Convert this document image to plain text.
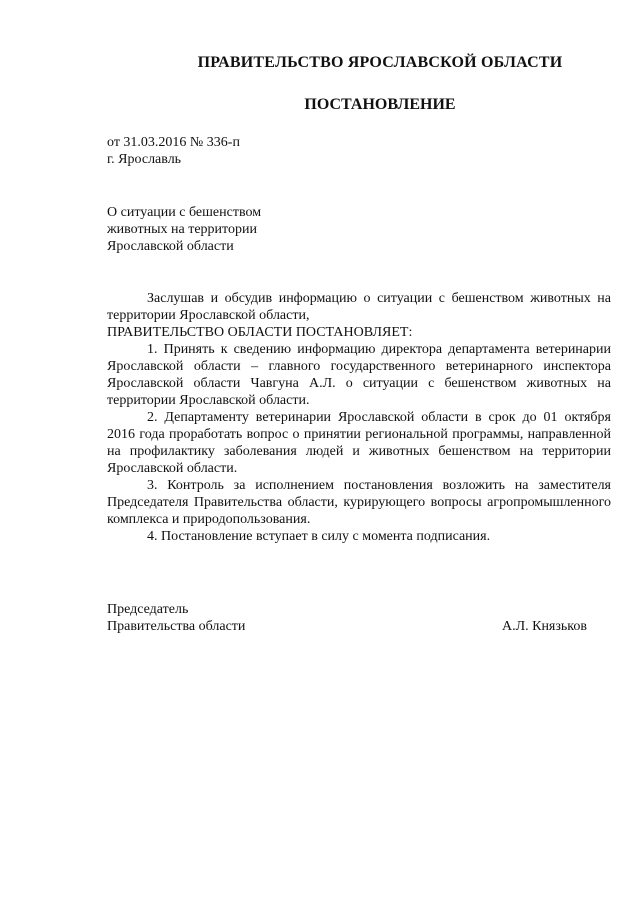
ПРАВИТЕЛЬСТВО ЯРОСЛАВСКОЙ ОБЛАСТИ
ПОСТАНОВЛЕНИЕ
от 31.03.2016 № 336-п
г. Ярославль
О ситуации с бешенством
животных на территории
Ярославской области

Заслушав и обсудив информацию о ситуации с бешенством животных на территории Ярославской области,

ПРАВИТЕЛЬСТВО ОБЛАСТИ ПОСТАНОВЛЯЕТ:

1. Принять к сведению информацию директора департамента ветеринарии Ярославской области – главного государственного ветеринарного инспектора Ярославской области Чавгуна А.Л. о ситуации с бешенством животных на территории Ярославской области.

2. Департаменту ветеринарии Ярославской области в срок до 01 октября 2016 года проработать вопрос о принятии региональной программы, направленной на профилактику заболевания людей и животных бешенством на территории Ярославской области.

3. Контроль за исполнением постановления возложить на заместителя Председателя Правительства области, курирующего вопросы агропромышленного комплекса и природопользования.

4. Постановление вступает в силу с момента подписания.

Председатель
Правительства области	А.Л. Князьков
